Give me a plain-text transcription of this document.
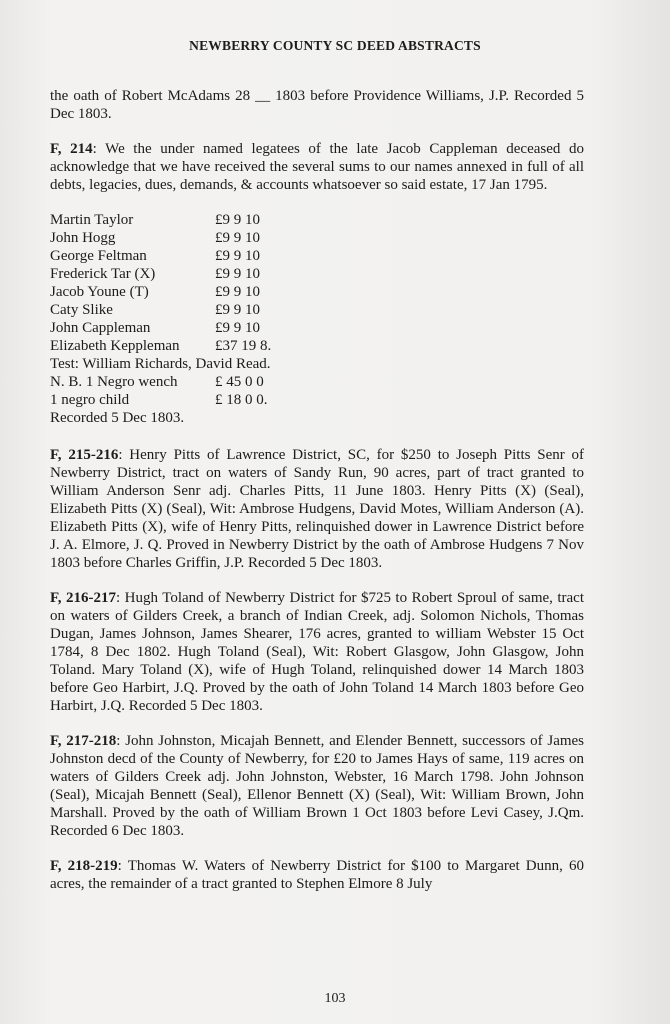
NEWBERRY COUNTY SC DEED ABSTRACTS

the oath of Robert McAdams 28 __ 1803 before Providence Williams, J.P. Recorded 5 Dec 1803.

F, 214: We the under named legatees of the late Jacob Cappleman deceased do acknowledge that we have received the several sums to our names annexed in full of all debts, legacies, dues, demands, & accounts whatsoever so said estate, 17 Jan 1795.

Martin Taylor	£9 9 10
John Hogg	£9 9 10
George Feltman	£9 9 10
Frederick Tar (X)	£9 9 10
Jacob Youne (T)	£9 9 10
Caty Slike	£9 9 10
John Cappleman	£9 9 10
Elizabeth Keppleman	£37 19 8.
Test: William Richards, David Read.
N. B. 1 Negro wench	£ 45 0 0
1 negro child	£ 18 0 0.
Recorded 5 Dec 1803.

F, 215-216: Henry Pitts of Lawrence District, SC, for $250 to Joseph Pitts Senr of Newberry District, tract on waters of Sandy Run, 90 acres, part of tract granted to William Anderson Senr adj. Charles Pitts, 11 June 1803. Henry Pitts (X) (Seal), Elizabeth Pitts (X) (Seal), Wit: Ambrose Hudgens, David Motes, William Anderson (A). Elizabeth Pitts (X), wife of Henry Pitts, relinquished dower in Lawrence District before J. A. Elmore, J. Q. Proved in Newberry District by the oath of Ambrose Hudgens 7 Nov 1803 before Charles Griffin, J.P. Recorded 5 Dec 1803.

F, 216-217: Hugh Toland of Newberry District for $725 to Robert Sproul of same, tract on waters of Gilders Creek, a branch of Indian Creek, adj. Solomon Nichols, Thomas Dugan, James Johnson, James Shearer, 176 acres, granted to william Webster 15 Oct 1784, 8 Dec 1802. Hugh Toland (Seal), Wit: Robert Glasgow, John Glasgow, John Toland. Mary Toland (X), wife of Hugh Toland, relinquished dower 14 March 1803 before Geo Harbirt, J.Q. Proved by the oath of John Toland 14 March 1803 before Geo Harbirt, J.Q. Recorded 5 Dec 1803.

F, 217-218: John Johnston, Micajah Bennett, and Elender Bennett, successors of James Johnston decd of the County of Newberry, for £20 to James Hays of same, 119 acres on waters of Gilders Creek adj. John Johnston, Webster, 16 March 1798. John Johnson (Seal), Micajah Bennett (Seal), Ellenor Bennett (X) (Seal), Wit: William Brown, John Marshall. Proved by the oath of William Brown 1 Oct 1803 before Levi Casey, J.Qm. Recorded 6 Dec 1803.

F, 218-219: Thomas W. Waters of Newberry District for $100 to Margaret Dunn, 60 acres, the remainder of a tract granted to Stephen Elmore 8 July

103
